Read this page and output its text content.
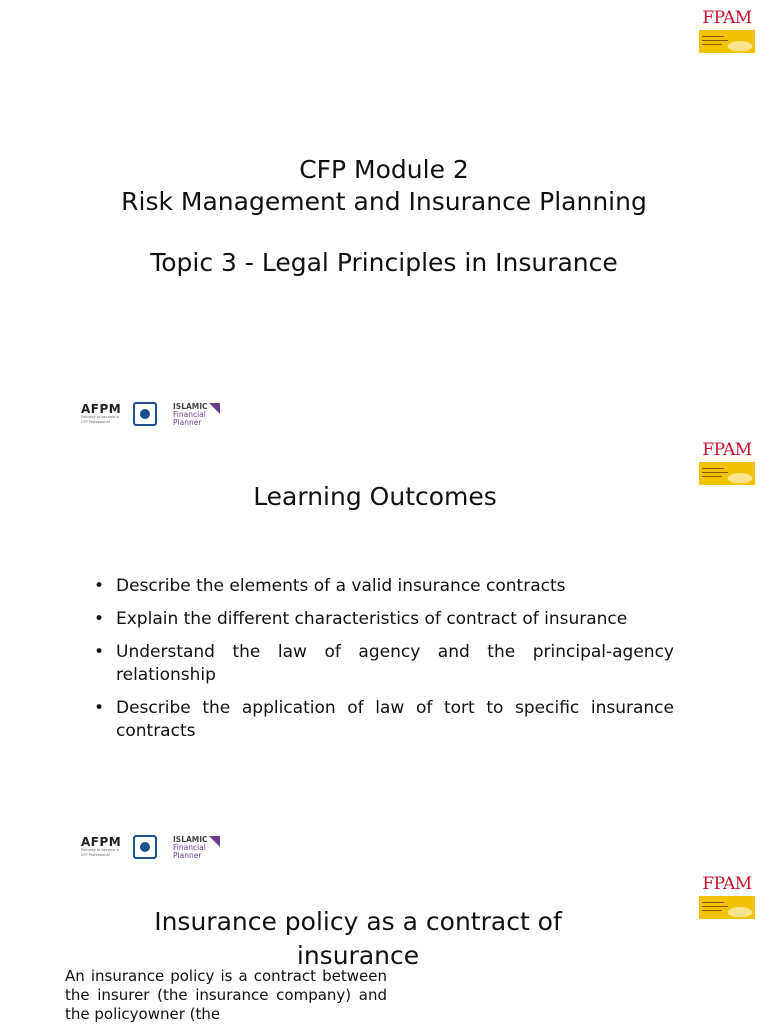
FPAM
CFP Module 2
Risk Management and Insurance Planning
Topic 3 - Legal Principles in Insurance
AFPM
Pathway to become a CFP Professional
ISLAMIC
Financial
Planner
FPAM
Learning Outcomes
• Describe the elements of a valid insurance contracts
• Explain the different characteristics of contract of insurance
• Understand the law of agency and the principal-agency relationship
• Describe the application of law of tort to specific insurance contracts
AFPM
Pathway to become a CFP Professional
ISLAMIC
Financial
Planner
FPAM
Insurance policy as a contract of insurance
An insurance policy is a contract between the insurer (the insurance company) and the policyowner (the
